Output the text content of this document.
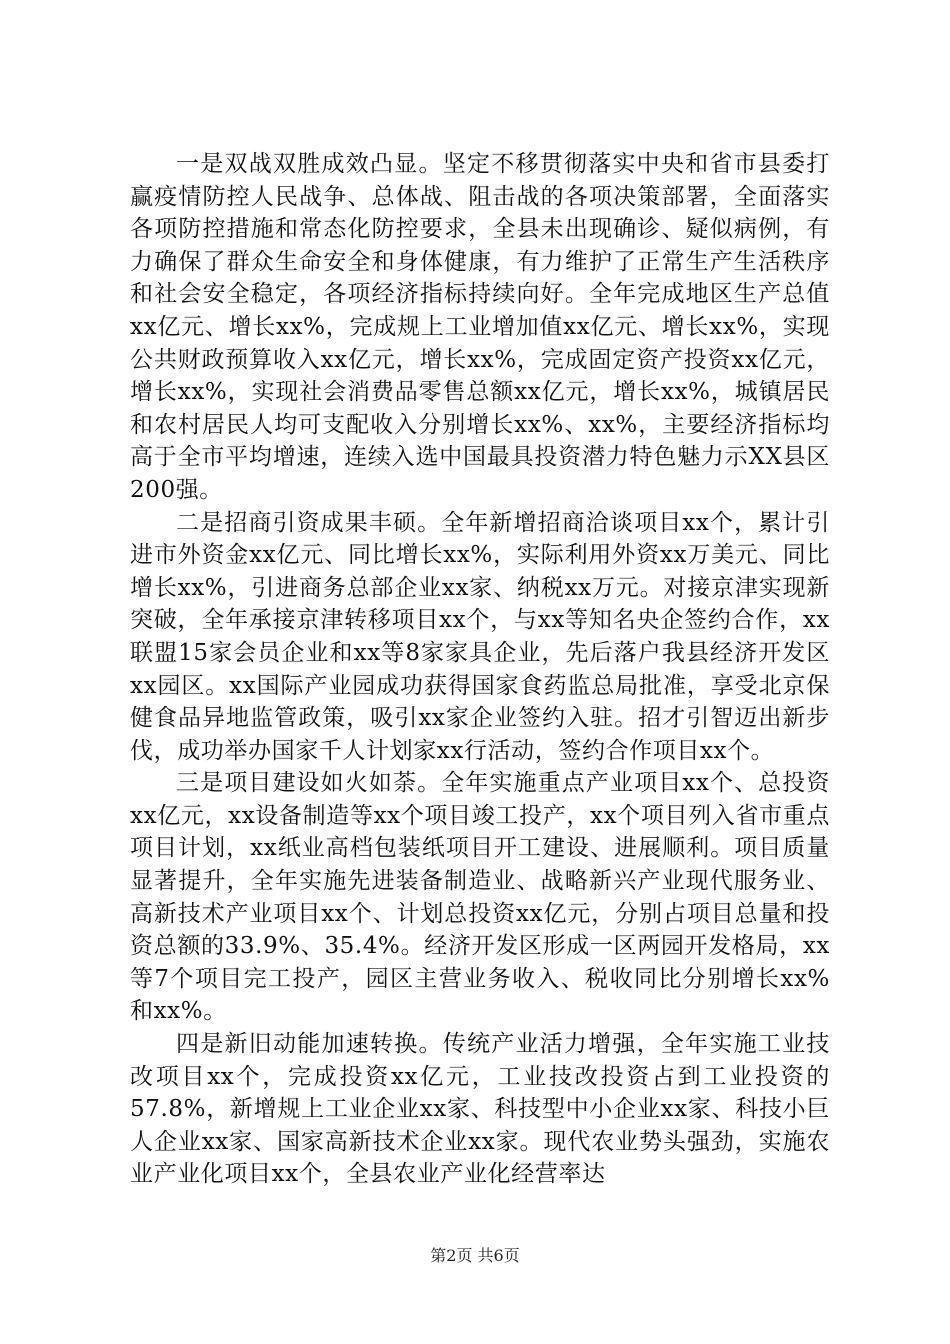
一是双战双胜成效凸显。坚定不移贯彻落实中央和省市县委打赢疫情防控人民战争、总体战、阻击战的各项决策部署，全面落实各项防控措施和常态化防控要求，全县未出现确诊、疑似病例，有力确保了群众生命安全和身体健康，有力维护了正常生产生活秩序和社会安全稳定，各项经济指标持续向好。全年完成地区生产总值xx亿元、增长xx%，完成规上工业增加值xx亿元、增长xx%，实现公共财政预算收入xx亿元，增长xx%，完成固定资产投资xx亿元，增长xx%，实现社会消费品零售总额xx亿元，增长xx%，城镇居民和农村居民人均可支配收入分别增长xx%、xx%，主要经济指标均高于全市平均增速，连续入选中国最具投资潜力特色魅力示XX县区200强。

二是招商引资成果丰硕。全年新增招商洽谈项目xx个，累计引进市外资金xx亿元、同比增长xx%，实际利用外资xx万美元、同比增长xx%，引进商务总部企业xx家、纳税xx万元。对接京津实现新突破，全年承接京津转移项目xx个，与xx等知名央企签约合作，xx联盟15家会员企业和xx等8家家具企业，先后落户我县经济开发区xx园区。xx国际产业园成功获得国家食药监总局批准，享受北京保健食品异地监管政策，吸引xx家企业签约入驻。招才引智迈出新步伐，成功举办国家千人计划家xx行活动，签约合作项目xx个。

三是项目建设如火如荼。全年实施重点产业项目xx个、总投资xx亿元，xx设备制造等xx个项目竣工投产，xx个项目列入省市重点项目计划，xx纸业高档包装纸项目开工建设、进展顺利。项目质量显著提升，全年实施先进装备制造业、战略新兴产业现代服务业、高新技术产业项目xx个、计划总投资xx亿元，分别占项目总量和投资总额的33.9%、35.4%。经济开发区形成一区两园开发格局，xx等7个项目完工投产，园区主营业务收入、税收同比分别增长xx%和xx%。

四是新旧动能加速转换。传统产业活力增强，全年实施工业技改项目xx个，完成投资xx亿元，工业技改投资占到工业投资的57.8%，新增规上工业企业xx家、科技型中小企业xx家、科技小巨人企业xx家、国家高新技术企业xx家。现代农业势头强劲，实施农业产业化项目xx个，全县农业产业化经营率达

第2页 共6页
